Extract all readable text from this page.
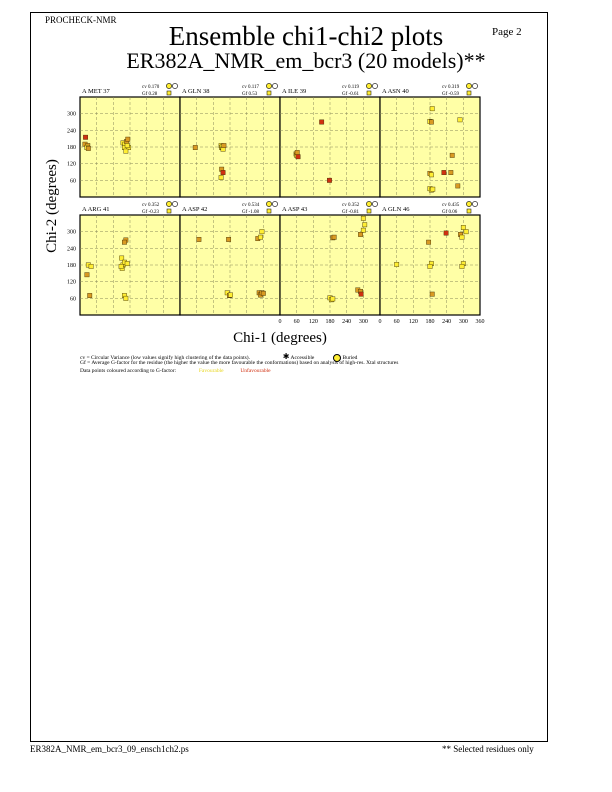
PROCHECK-NMR
Page 2
Ensemble chi1-chi2 plots
ER382A_NMR_em_bcr3 (20 models)**
Chi-2 (degrees)
Chi-1 (degrees)
A MET 37
cv 0.170
Gf 0.28
60
120
180
240
300
A GLN 38
cv 0.117
Gf 0.53	A ILE 39
cv 0.119
Gf -0.61	A ASN 40
cv 0.319
Gf -0.59
A ARG 41
cv 0.352
Gf -0.23
60
120
180
240
300
A ASP 42
cv 0.534
Gf -1.08	A ASP 43
cv 0.352
Gf -0.81
0 60 120 180 240 300
A GLN 46
cv 0.435
Gf 0.06
0 60 120 180 240 300 360
cv = Circular Variance (low values signify high clustering of the data points).	✱ Accessible	Buried
Gf = Average G-factor for the residue (the higher the value the more favourable the conformations) based on analysis of high-res. Xtal structures
Data points coloured according to G-factor:	Favourable	Unfavourable
ER382A_NMR_em_bcr3_09_ensch1ch2.ps	** Selected residues only
